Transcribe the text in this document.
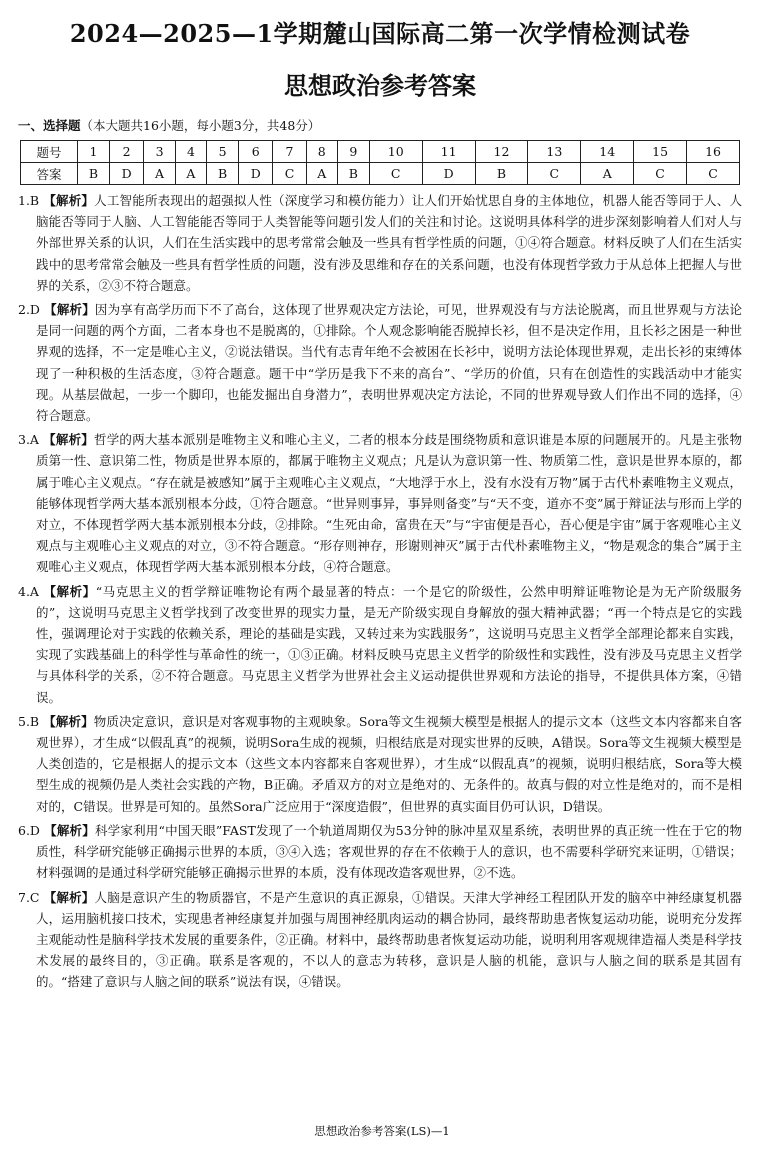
2024—2025—1学期麓山国际高二第一次学情检测试卷
思想政治参考答案
一、选择题（本大题共16小题，每小题3分，共48分）
题号	1	2	3	4	5	6	7	8	9	10	11	12	13	14	15	16
答案	B	D	A	A	B	D	C	A	B	C	D	B	C	A	C	C

1.B 【解析】人工智能所表现出的超强拟人性（深度学习和模仿能力）让人们开始忧思自身的主体地位，机器人能否等同于人、人脑能否等同于人脑、人工智能能否等同于人类智能等问题引发人们的关注和讨论。这说明具体科学的进步深刻影响着人们对人与外部世界关系的认识，人们在生活实践中的思考常常会触及一些具有哲学性质的问题，①④符合题意。材料反映了人们在生活实践中的思考常常会触及一些具有哲学性质的问题，没有涉及思维和存在的关系问题，也没有体现哲学致力于从总体上把握人与世界的关系，②③不符合题意。

2.D 【解析】因为享有高学历而下不了高台，这体现了世界观决定方法论，可见，世界观没有与方法论脱离，而且世界观与方法论是同一问题的两个方面，二者本身也不是脱离的，①排除。个人观念影响能否脱掉长衫，但不是决定作用，且长衫之困是一种世界观的选择，不一定是唯心主义，②说法错误。当代有志青年绝不会被困在长衫中，说明方法论体现世界观，走出长衫的束缚体现了一种积极的生活态度，③符合题意。题干中“学历是我下不来的高台”、“学历的价值，只有在创造性的实践活动中才能实现。从基层做起，一步一个脚印，也能发掘出自身潜力”，表明世界观决定方法论，不同的世界观导致人们作出不同的选择，④符合题意。

3.A 【解析】哲学的两大基本派别是唯物主义和唯心主义，二者的根本分歧是围绕物质和意识谁是本原的问题展开的。凡是主张物质第一性、意识第二性，物质是世界本原的，都属于唯物主义观点；凡是认为意识第一性、物质第二性，意识是世界本原的，都属于唯心主义观点。“存在就是被感知”属于主观唯心主义观点，“大地浮于水上，没有水没有万物”属于古代朴素唯物主义观点，能够体现哲学两大基本派别根本分歧，①符合题意。“世异则事异，事异则备变”与“天不变，道亦不变”属于辩证法与形而上学的对立，不体现哲学两大基本派别根本分歧，②排除。“生死由命，富贵在天”与“宇宙便是吾心，吾心便是宇宙”属于客观唯心主义观点与主观唯心主义观点的对立，③不符合题意。“形存则神存，形谢则神灭”属于古代朴素唯物主义，“物是观念的集合”属于主观唯心主义观点，体现哲学两大基本派别根本分歧，④符合题意。

4.A 【解析】“马克思主义的哲学辩证唯物论有两个最显著的特点：一个是它的阶级性，公然申明辩证唯物论是为无产阶级服务的”，这说明马克思主义哲学找到了改变世界的现实力量，是无产阶级实现自身解放的强大精神武器；“再一个特点是它的实践性，强调理论对于实践的依赖关系，理论的基础是实践，又转过来为实践服务”，这说明马克思主义哲学全部理论都来自实践，实现了实践基础上的科学性与革命性的统一，①③正确。材料反映马克思主义哲学的阶级性和实践性，没有涉及马克思主义哲学与具体科学的关系，②不符合题意。马克思主义哲学为世界社会主义运动提供世界观和方法论的指导，不提供具体方案，④错误。

5.B 【解析】物质决定意识，意识是对客观事物的主观映象。Sora等文生视频大模型是根据人的提示文本（这些文本内容都来自客观世界），才生成“以假乱真”的视频，说明Sora生成的视频，归根结底是对现实世界的反映，A错误。Sora等文生视频大模型是人类创造的，它是根据人的提示文本（这些文本内容都来自客观世界），才生成“以假乱真”的视频，说明归根结底，Sora等大模型生成的视频仍是人类社会实践的产物，B正确。矛盾双方的对立是绝对的、无条件的。故真与假的对立性是绝对的，而不是相对的，C错误。世界是可知的。虽然Sora广泛应用于“深度造假”，但世界的真实面目仍可认识，D错误。

6.D 【解析】科学家利用“中国天眼”FAST发现了一个轨道周期仅为53分钟的脉冲星双星系统，表明世界的真正统一性在于它的物质性，科学研究能够正确揭示世界的本质，③④入选；客观世界的存在不依赖于人的意识，也不需要科学研究来证明，①错误；材料强调的是通过科学研究能够正确揭示世界的本质，没有体现改造客观世界，②不选。

7.C 【解析】人脑是意识产生的物质器官，不是产生意识的真正源泉，①错误。天津大学神经工程团队开发的脑卒中神经康复机器人，运用脑机接口技术，实现患者神经康复并加强与周围神经肌肉运动的耦合协同，最终帮助患者恢复运动功能，说明充分发挥主观能动性是脑科学技术发展的重要条件，②正确。材料中，最终帮助患者恢复运动功能，说明利用客观规律造福人类是科学技术发展的最终目的，③正确。联系是客观的，不以人的意志为转移，意识是人脑的机能，意识与人脑之间的联系是其固有的。“搭建了意识与人脑之间的联系”说法有误，④错误。

思想政治参考答案(LS)—1
